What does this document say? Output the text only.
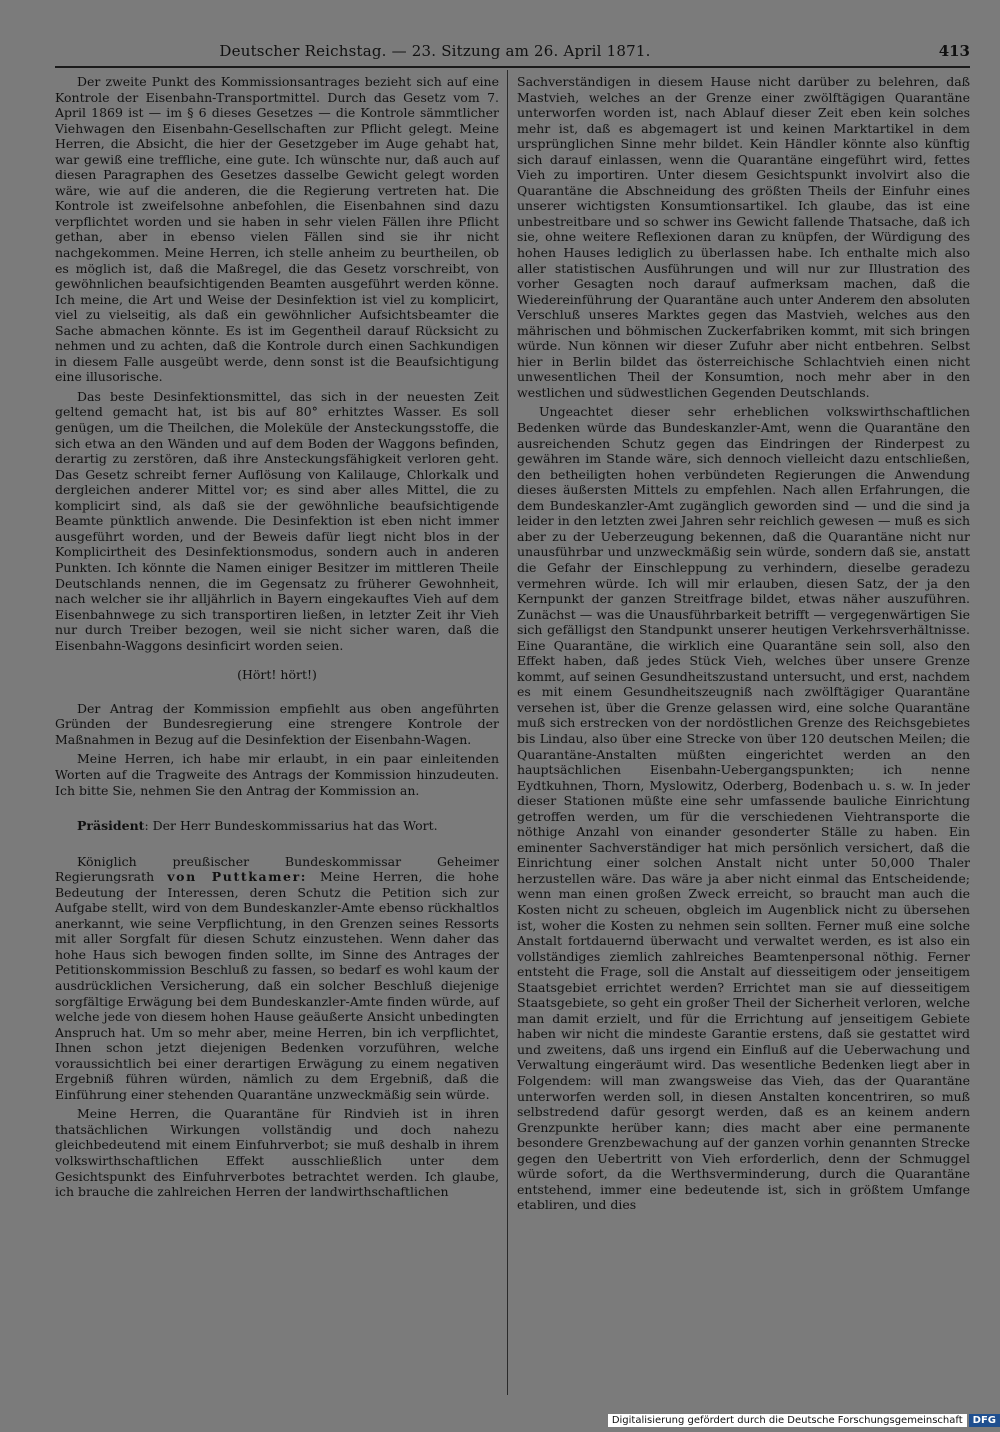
Deutscher Reichstag. — 23. Sitzung am 26. April 1871.	413

Der zweite Punkt des Kommissionsantrages bezieht sich auf eine Kontrole der Eisenbahn-Transportmittel. Durch das Gesetz vom 7. April 1869 ist — im § 6 dieses Gesetzes — die Kontrole sämmtlicher Viehwagen den Eisenbahn-Gesellschaften zur Pflicht gelegt. Meine Herren, die Absicht, die hier der Gesetzgeber im Auge gehabt hat, war gewiß eine treffliche, eine gute. Ich wünschte nur, daß auch auf diesen Paragraphen des Gesetzes dasselbe Gewicht gelegt worden wäre, wie auf die anderen, die die Regierung vertreten hat. Die Kontrole ist zweifelsohne anbefohlen, die Eisenbahnen sind dazu verpflichtet worden und sie haben in sehr vielen Fällen ihre Pflicht gethan, aber in ebenso vielen Fällen sind sie ihr nicht nachgekommen. Meine Herren, ich stelle anheim zu beurtheilen, ob es möglich ist, daß die Maßregel, die das Gesetz vorschreibt, von gewöhnlichen beaufsichtigenden Beamten ausgeführt werden könne. Ich meine, die Art und Weise der Desinfektion ist viel zu komplicirt, viel zu vielseitig, als daß ein gewöhnlicher Aufsichtsbeamter die Sache abmachen könnte. Es ist im Gegentheil darauf Rücksicht zu nehmen und zu achten, daß die Kontrole durch einen Sachkundigen in diesem Falle ausgeübt werde, denn sonst ist die Beaufsichtigung eine illusorische.

Das beste Desinfektionsmittel, das sich in der neuesten Zeit geltend gemacht hat, ist bis auf 80° erhitztes Wasser. Es soll genügen, um die Theilchen, die Moleküle der Ansteckungsstoffe, die sich etwa an den Wänden und auf dem Boden der Waggons befinden, derartig zu zerstören, daß ihre Ansteckungsfähigkeit verloren geht. Das Gesetz schreibt ferner Auflösung von Kalilauge, Chlorkalk und dergleichen anderer Mittel vor; es sind aber alles Mittel, die zu komplicirt sind, als daß sie der gewöhnliche beaufsichtigende Beamte pünktlich anwende. Die Desinfektion ist eben nicht immer ausgeführt worden, und der Beweis dafür liegt nicht blos in der Komplicirtheit des Desinfektionsmodus, sondern auch in anderen Punkten. Ich könnte die Namen einiger Besitzer im mittleren Theile Deutschlands nennen, die im Gegensatz zu früherer Gewohnheit, nach welcher sie ihr alljährlich in Bayern eingekauftes Vieh auf dem Eisenbahnwege zu sich transportiren ließen, in letzter Zeit ihr Vieh nur durch Treiber bezogen, weil sie nicht sicher waren, daß die Eisenbahn-Waggons desinficirt worden seien.

(Hört! hört!)

Der Antrag der Kommission empfiehlt aus oben angeführten Gründen der Bundesregierung eine strengere Kontrole der Maßnahmen in Bezug auf die Desinfektion der Eisenbahn-Wagen.

Meine Herren, ich habe mir erlaubt, in ein paar einleitenden Worten auf die Tragweite des Antrags der Kommission hinzudeuten. Ich bitte Sie, nehmen Sie den Antrag der Kommission an.

Präsident: Der Herr Bundeskommissarius hat das Wort.

Königlich preußischer Bundeskommissar Geheimer Regierungsrath von Puttkamer: Meine Herren, die hohe Bedeutung der Interessen, deren Schutz die Petition sich zur Aufgabe stellt, wird von dem Bundeskanzler-Amte ebenso rückhaltlos anerkannt, wie seine Verpflichtung, in den Grenzen seines Ressorts mit aller Sorgfalt für diesen Schutz einzustehen. Wenn daher das hohe Haus sich bewogen finden sollte, im Sinne des Antrages der Petitionskommission Beschluß zu fassen, so bedarf es wohl kaum der ausdrücklichen Versicherung, daß ein solcher Beschluß diejenige sorgfältige Erwägung bei dem Bundeskanzler-Amte finden würde, auf welche jede von diesem hohen Hause geäußerte Ansicht unbedingten Anspruch hat. Um so mehr aber, meine Herren, bin ich verpflichtet, Ihnen schon jetzt diejenigen Bedenken vorzuführen, welche voraussichtlich bei einer derartigen Erwägung zu einem negativen Ergebniß führen würden, nämlich zu dem Ergebniß, daß die Einführung einer stehenden Quarantäne unzweckmäßig sein würde.

Meine Herren, die Quarantäne für Rindvieh ist in ihren thatsächlichen Wirkungen vollständig und doch nahezu gleichbedeutend mit einem Einfuhrverbot; sie muß deshalb in ihrem volkswirthschaftlichen Effekt ausschließlich unter dem Gesichtspunkt des Einfuhrverbotes betrachtet werden. Ich glaube, ich brauche die zahlreichen Herren der landwirthschaftlichen

Sachverständigen in diesem Hause nicht darüber zu belehren, daß Mastvieh, welches an der Grenze einer zwölftägigen Quarantäne unterworfen worden ist, nach Ablauf dieser Zeit eben kein solches mehr ist, daß es abgemagert ist und keinen Marktartikel in dem ursprünglichen Sinne mehr bildet. Kein Händler könnte also künftig sich darauf einlassen, wenn die Quarantäne eingeführt wird, fettes Vieh zu importiren. Unter diesem Gesichtspunkt involvirt also die Quarantäne die Abschneidung des größten Theils der Einfuhr eines unserer wichtigsten Konsumtionsartikel. Ich glaube, das ist eine unbestreitbare und so schwer ins Gewicht fallende Thatsache, daß ich sie, ohne weitere Reflexionen daran zu knüpfen, der Würdigung des hohen Hauses lediglich zu überlassen habe. Ich enthalte mich also aller statistischen Ausführungen und will nur zur Illustration des vorher Gesagten noch darauf aufmerksam machen, daß die Wiedereinführung der Quarantäne auch unter Anderem den absoluten Verschluß unseres Marktes gegen das Mastvieh, welches aus den mährischen und böhmischen Zuckerfabriken kommt, mit sich bringen würde. Nun können wir dieser Zufuhr aber nicht entbehren. Selbst hier in Berlin bildet das österreichische Schlachtvieh einen nicht unwesentlichen Theil der Konsumtion, noch mehr aber in den westlichen und südwestlichen Gegenden Deutschlands.

Ungeachtet dieser sehr erheblichen volkswirthschaftlichen Bedenken würde das Bundeskanzler-Amt, wenn die Quarantäne den ausreichenden Schutz gegen das Eindringen der Rinderpest zu gewähren im Stande wäre, sich dennoch vielleicht dazu entschließen, den betheiligten hohen verbündeten Regierungen die Anwendung dieses äußersten Mittels zu empfehlen. Nach allen Erfahrungen, die dem Bundeskanzler-Amt zugänglich geworden sind — und die sind ja leider in den letzten zwei Jahren sehr reichlich gewesen — muß es sich aber zu der Ueberzeugung bekennen, daß die Quarantäne nicht nur unausführbar und unzweckmäßig sein würde, sondern daß sie, anstatt die Gefahr der Einschleppung zu verhindern, dieselbe geradezu vermehren würde. Ich will mir erlauben, diesen Satz, der ja den Kernpunkt der ganzen Streitfrage bildet, etwas näher auszuführen. Zunächst — was die Unausführbarkeit betrifft — vergegenwärtigen Sie sich gefälligst den Standpunkt unserer heutigen Verkehrsverhältnisse. Eine Quarantäne, die wirklich eine Quarantäne sein soll, also den Effekt haben, daß jedes Stück Vieh, welches über unsere Grenze kommt, auf seinen Gesundheitszustand untersucht, und erst, nachdem es mit einem Gesundheitszeugniß nach zwölftägiger Quarantäne versehen ist, über die Grenze gelassen wird, eine solche Quarantäne muß sich erstrecken von der nordöstlichen Grenze des Reichsgebietes bis Lindau, also über eine Strecke von über 120 deutschen Meilen; die Quarantäne-Anstalten müßten eingerichtet werden an den hauptsächlichen Eisenbahn-Uebergangspunkten; ich nenne Eydtkuhnen, Thorn, Myslowitz, Oderberg, Bodenbach u. s. w. In jeder dieser Stationen müßte eine sehr umfassende bauliche Einrichtung getroffen werden, um für die verschiedenen Viehtransporte die nöthige Anzahl von einander gesonderter Ställe zu haben. Ein eminenter Sachverständiger hat mich persönlich versichert, daß die Einrichtung einer solchen Anstalt nicht unter 50,000 Thaler herzustellen wäre. Das wäre ja aber nicht einmal das Entscheidende; wenn man einen großen Zweck erreicht, so braucht man auch die Kosten nicht zu scheuen, obgleich im Augenblick nicht zu übersehen ist, woher die Kosten zu nehmen sein sollten. Ferner muß eine solche Anstalt fortdauernd überwacht und verwaltet werden, es ist also ein vollständiges ziemlich zahlreiches Beamtenpersonal nöthig. Ferner entsteht die Frage, soll die Anstalt auf diesseitigem oder jenseitigem Staatsgebiet errichtet werden? Errichtet man sie auf diesseitigem Staatsgebiete, so geht ein großer Theil der Sicherheit verloren, welche man damit erzielt, und für die Errichtung auf jenseitigem Gebiete haben wir nicht die mindeste Garantie erstens, daß sie gestattet wird und zweitens, daß uns irgend ein Einfluß auf die Ueberwachung und Verwaltung eingeräumt wird. Das wesentliche Bedenken liegt aber in Folgendem: will man zwangsweise das Vieh, das der Quarantäne unterworfen werden soll, in diesen Anstalten koncentriren, so muß selbstredend dafür gesorgt werden, daß es an keinem andern Grenzpunkte herüber kann; dies macht aber eine permanente besondere Grenzbewachung auf der ganzen vorhin genannten Strecke gegen den Uebertritt von Vieh erforderlich, denn der Schmuggel würde sofort, da die Werthsverminderung, durch die Quarantäne entstehend, immer eine bedeutende ist, sich in größtem Umfange etabliren, und dies

Digitalisierung gefördert durch die Deutsche Forschungsgemeinschaft	DFG
